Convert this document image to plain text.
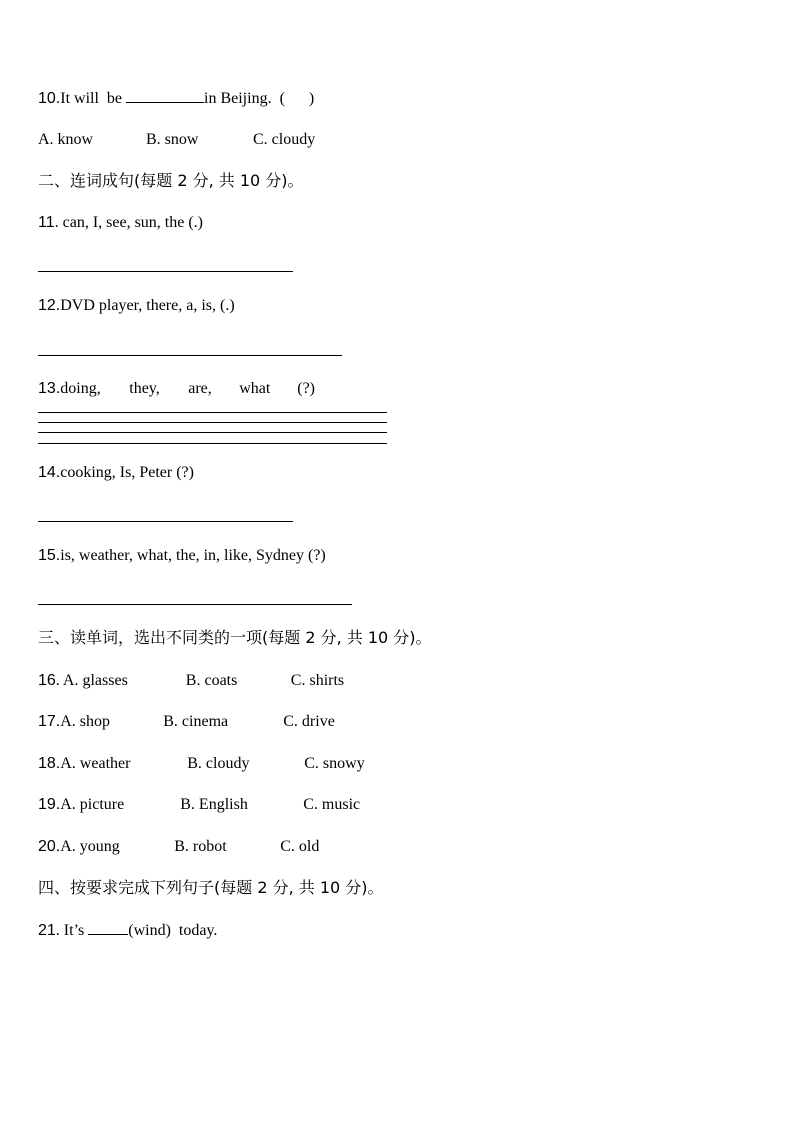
10.It will  be	in Beijing.  (      )
A. know	B. snow	C. cloudy
二、连词成句(每题 2 分, 共 10 分)。
11. can, I, see, sun, the (.)
12.DVD player, there, a, is, (.)
13.doing, they, are, what (?)
14.cooking, Is, Peter (?)
15.is, weather, what, the, in, like, Sydney (?)
三、读单词，选出不同类的一项(每题 2 分, 共 10 分)。
16. A. glasses	B. coats	C. shirts
17.A. shop	B. cinema	C. drive
18.A. weather	B. cloudy	C. snowy
19.A. picture	B. English	C. music
20.A. young	B. robot	C. old
四、按要求完成下列句子(每题 2 分, 共 10 分)。
21. It’s	(wind)  today.
